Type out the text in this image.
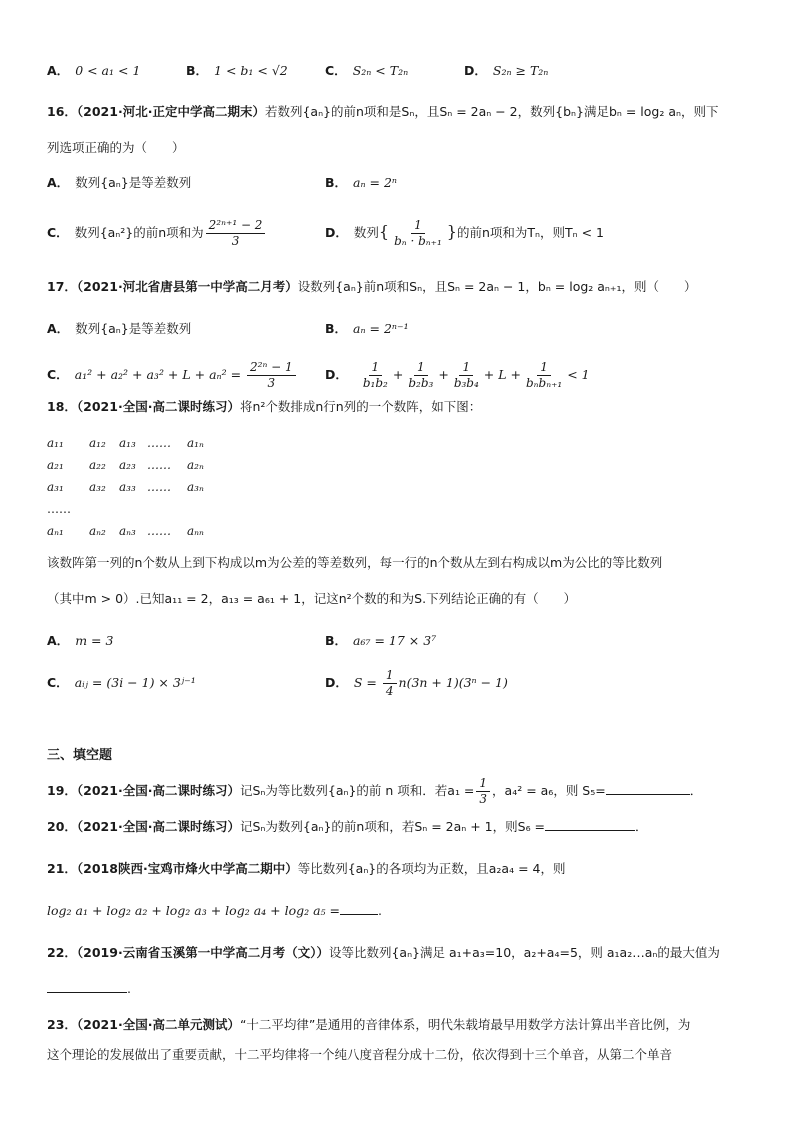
A． 0 < a₁ < 1	B． 1 < b₁ < √2	C． S₂ₙ < T₂ₙ	D． S₂ₙ ≥ T₂ₙ
16．（2021·河北·正定中学高二期末）若数列{aₙ}的前n项和是Sₙ，且Sₙ = 2aₙ − 2，数列{bₙ}满足bₙ = log₂ aₙ，则下
列选项正确的为（　　）
A． 数列{aₙ}是等差数列	B． aₙ = 2ⁿ
C． 数列{aₙ²}的前n项和为 $\frac{\text{2²ⁿ⁺¹ − 2}}{3}$	D． 数列{ $\frac{1}{\text{bₙ · bₙ₊₁}}$ }的前n项和为Tₙ，则Tₙ < 1
17．（2021·河北省唐县第一中学高二月考）设数列{aₙ}前n项和Sₙ，且Sₙ = 2aₙ − 1，bₙ = log₂ aₙ₊₁，则（　　）
A． 数列{aₙ}是等差数列	B． aₙ = 2ⁿ⁻¹
C． $a_1^2 + a_2^2 + a_3^2 + L + a_n^2 = \frac{\text{2²ⁿ − 1}}{3}$ D． $\frac{1}{\text{b₁b₂}} + \frac{1}{\text{b₂b₃}} + \frac{1}{\text{b₃b₄}} + L + \frac{1}{\text{bₙbₙ₊₁}} < 1$
18．（2021·全国·高二课时练习）将n²个数排成n行n列的一个数阵，如下图：
a₁₁ a₁₂ a₁₃ …… a₁ₙ
a₂₁ a₂₂ a₂₃ …… a₂ₙ
a₃₁ a₃₂ a₃₃ …… a₃ₙ
……
aₙ₁ aₙ₂ aₙ₃ …… aₙₙ
该数阵第一列的n个数从上到下构成以m为公差的等差数列，每一行的n个数从左到右构成以m为公比的等比数列
（其中m > 0）.已知a₁₁ = 2，a₁₃ = a₆₁ + 1，记这n²个数的和为S.下列结论正确的有（　　）
A． m = 3	B． a₆₇ = 17 × 3⁷
C． aᵢⱼ = (3i − 1) × 3ʲ⁻¹	D． $S = \frac{1}{4} n(3n + 1)(3^n - 1)$
三、填空题
19．（2021·全国·高二课时练习）记Sₙ为等比数列{aₙ}的前 n 项和．若$a_1 = \frac{1}{3}$ ，a₄² = a₆，则 S₅=	．
20．（2021·全国·高二课时练习）记Sₙ为数列{aₙ}的前n项和，若Sₙ = 2aₙ + 1，则S₆ =	．
21．（2018陕西·宝鸡市烽火中学高二期中）等比数列{aₙ}的各项均为正数，且a₂a₄ = 4，则
log₂ a₁ + log₂ a₂ + log₂ a₃ + log₂ a₄ + log₂ a₅ =	.
22．（2019·云南省玉溪第一中学高二月考（文））设等比数列{aₙ}满足 a₁+a₃=10，a₂+a₄=5，则 a₁a₂…aₙ的最大值为
.
23．（2021·全国·高二单元测试）“十二平均律”是通用的音律体系，明代朱载堉最早用数学方法计算出半音比例，为
这个理论的发展做出了重要贡献，十二平均律将一个纯八度音程分成十二份，依次得到十三个单音，从第二个单音
